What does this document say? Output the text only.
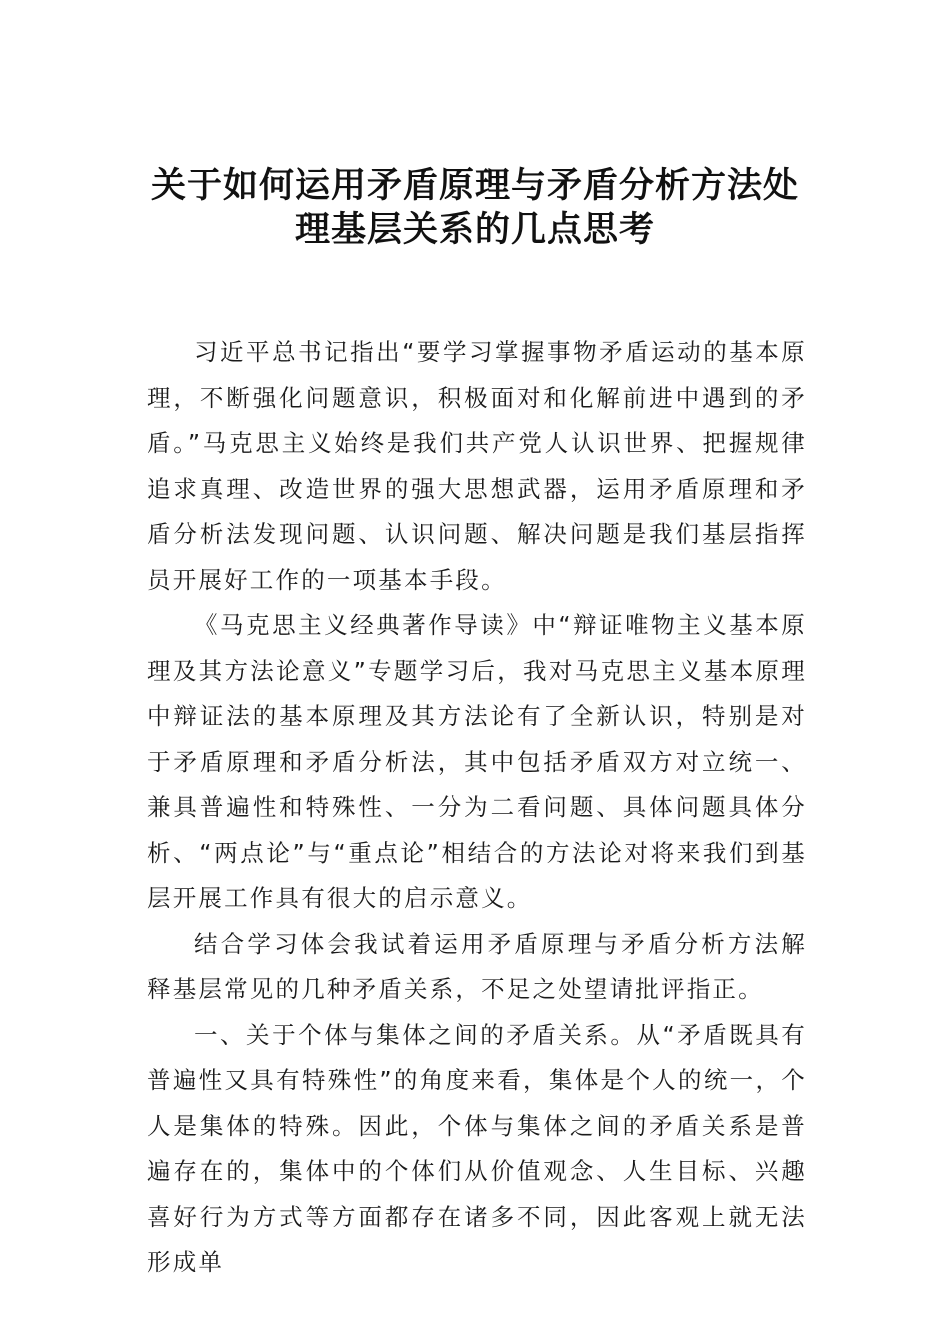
关于如何运用矛盾原理与矛盾分析方法处
理基层关系的几点思考

习近平总书记指出“要学习掌握事物矛盾运动的基本原理，不断强化问题意识，积极面对和化解前进中遇到的矛盾。”马克思主义始终是我们共产党人认识世界、把握规律追求真理、改造世界的强大思想武器，运用矛盾原理和矛盾分析法发现问题、认识问题、解决问题是我们基层指挥员开展好工作的一项基本手段。

《马克思主义经典著作导读》中“辩证唯物主义基本原理及其方法论意义”专题学习后，我对马克思主义基本原理中辩证法的基本原理及其方法论有了全新认识，特别是对于矛盾原理和矛盾分析法，其中包括矛盾双方对立统一、兼具普遍性和特殊性、一分为二看问题、具体问题具体分析、“两点论”与“重点论”相结合的方法论对将来我们到基层开展工作具有很大的启示意义。

结合学习体会我试着运用矛盾原理与矛盾分析方法解释基层常见的几种矛盾关系，不足之处望请批评指正。

一、关于个体与集体之间的矛盾关系。从“矛盾既具有普遍性又具有特殊性”的角度来看，集体是个人的统一，个人是集体的特殊。因此，个体与集体之间的矛盾关系是普遍存在的，集体中的个体们从价值观念、人生目标、兴趣喜好行为方式等方面都存在诸多不同，因此客观上就无法形成单
